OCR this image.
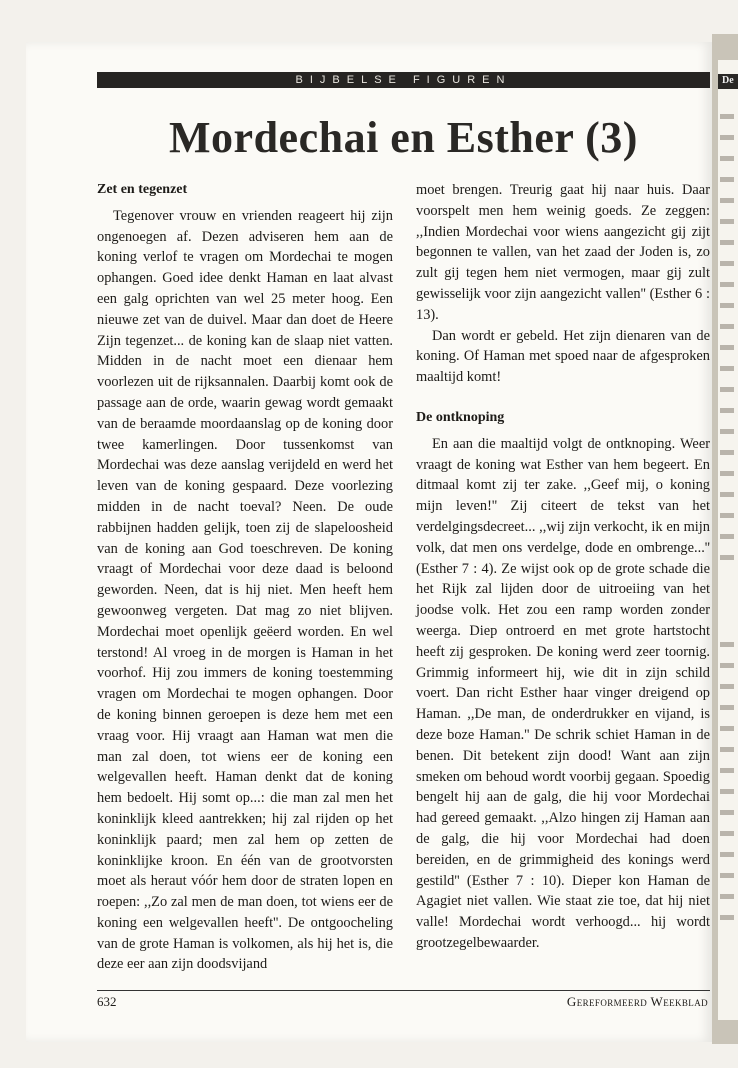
De
BIJBELSE FIGUREN
Mordechai en Esther (3)
Zet en tegenzet

Tegenover vrouw en vrienden reageert hij zijn ongenoegen af. Dezen adviseren hem aan de koning verlof te vragen om Mordechai te mogen ophangen. Goed idee denkt Haman en laat alvast een galg oprichten van wel 25 meter hoog. Een nieuwe zet van de duivel. Maar dan doet de Heere Zijn tegenzet... de koning kan de slaap niet vatten. Midden in de nacht moet een dienaar hem voorlezen uit de rijksannalen. Daarbij komt ook de passage aan de orde, waarin gewag wordt gemaakt van de beraamde moordaanslag op de koning door twee kamerlingen. Door tussenkomst van Mordechai was deze aanslag verijdeld en werd het leven van de koning gespaard. Deze voorlezing midden in de nacht toeval? Neen. De oude rabbijnen hadden gelijk, toen zij de slapeloosheid van de koning aan God toeschreven. De koning vraagt of Mordechai voor deze daad is beloond geworden. Neen, dat is hij niet. Men heeft hem gewoonweg vergeten. Dat mag zo niet blijven. Mordechai moet openlijk geëerd worden. En wel terstond! Al vroeg in de morgen is Haman in het voorhof. Hij zou immers de koning toestemming vragen om Mordechai te mogen ophangen. Door de koning binnen geroepen is deze hem met een vraag voor. Hij vraagt aan Haman wat men die man zal doen, tot wiens eer de koning een welgevallen heeft. Haman denkt dat de koning hem bedoelt. Hij somt op...: die man zal men het koninklijk kleed aantrekken; hij zal rijden op het koninklijk paard; men zal hem op zetten de koninklijke kroon. En één van de grootvorsten moet als heraut vóór hem door de straten lopen en roepen: ,,Zo zal men de man doen, tot wiens eer de koning een welgevallen heeft''. De ontgoocheling van de grote Haman is volkomen, als hij het is, die deze eer aan zijn doodsvijand

moet brengen. Treurig gaat hij naar huis. Daar voorspelt men hem weinig goeds. Ze zeggen: ,,Indien Mordechai voor wiens aangezicht gij zijt begonnen te vallen, van het zaad der Joden is, zo zult gij tegen hem niet vermogen, maar gij zult gewisselijk voor zijn aangezicht vallen'' (Esther 6 : 13).

Dan wordt er gebeld. Het zijn dienaren van de koning. Of Haman met spoed naar de afgesproken maaltijd komt!

De ontknoping

En aan die maaltijd volgt de ontknoping. Weer vraagt de koning wat Esther van hem begeert. En ditmaal komt zij ter zake. ,,Geef mij, o koning mijn leven!'' Zij citeert de tekst van het verdelgingsdecreet... ,,wij zijn verkocht, ik en mijn volk, dat men ons verdelge, dode en ombrenge...'' (Esther 7 : 4). Ze wijst ook op de grote schade die het Rijk zal lijden door de uitroeiing van het joodse volk. Het zou een ramp worden zonder weerga. Diep ontroerd en met grote hartstocht heeft zij gesproken. De koning werd zeer toornig. Grimmig informeert hij, wie dit in zijn schild voert. Dan richt Esther haar vinger dreigend op Haman. ,,De man, de onderdrukker en vijand, is deze boze Haman.'' De schrik schiet Haman in de benen. Dit betekent zijn dood! Want aan zijn smeken om behoud wordt voorbij gegaan. Spoedig bengelt hij aan de galg, die hij voor Mordechai had gereed gemaakt. ,,Alzo hingen zij Haman aan de galg, die hij voor Mordechai had doen bereiden, en de grimmigheid des konings werd gestild'' (Esther 7 : 10). Dieper kon Haman de Agagiet niet vallen. Wie staat zie toe, dat hij niet valle! Mordechai wordt verhoogd... hij wordt grootzegelbewaarder.

632	Gereformeerd Weekblad
